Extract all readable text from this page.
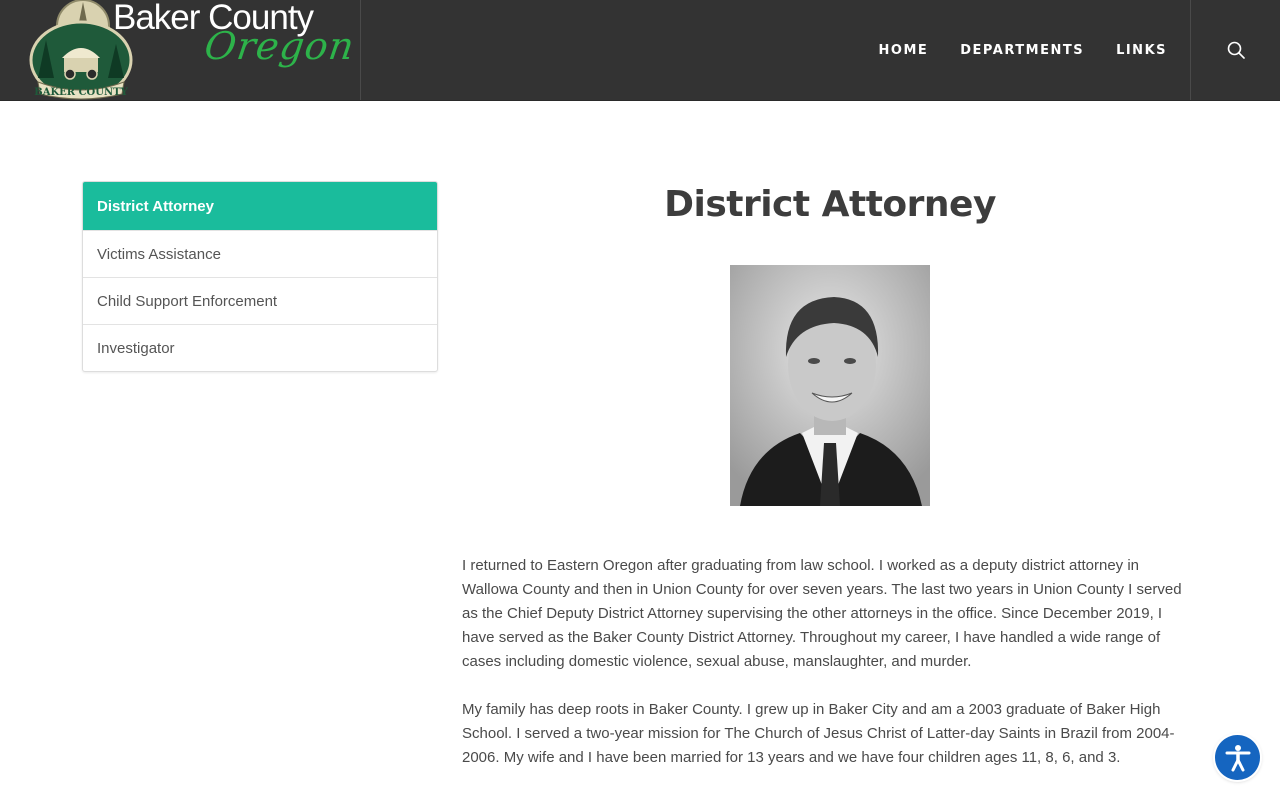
BAKER COUNTY
Baker County
Oregon	HOME DEPARTMENTS LINKS
District Attorney
Victims Assistance
Child Support Enforcement
Investigator
District Attorney

I returned to Eastern Oregon after graduating from law school. I worked as a deputy district attorney in Wallowa County and then in Union County for over seven years. The last two years in Union County I served as the Chief Deputy District Attorney supervising the other attorneys in the office. Since December 2019, I have served as the Baker County District Attorney. Throughout my career, I have handled a wide range of cases including domestic violence, sexual abuse, manslaughter, and murder.

My family has deep roots in Baker County. I grew up in Baker City and am a 2003 graduate of Baker High School. I served a two-year mission for The Church of Jesus Christ of Latter-day Saints in Brazil from 2004-2006. My wife and I have been married for 13 years and we have four children ages 11, 8, 6, and 3.
